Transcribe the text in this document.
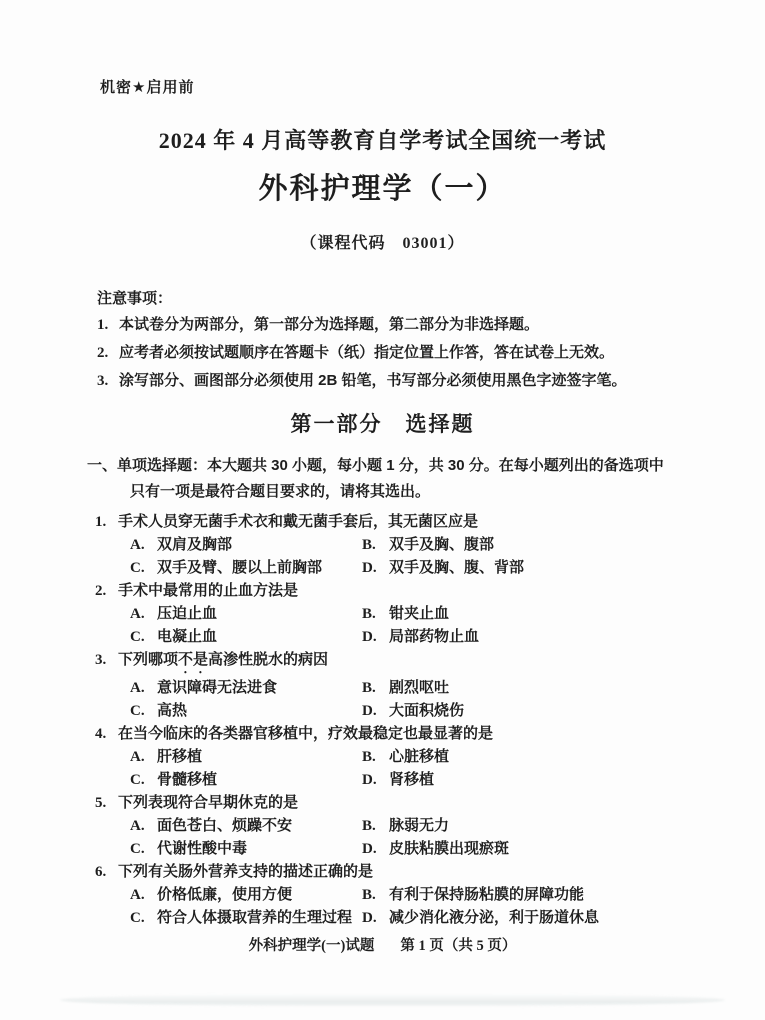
机密★启用前
2024 年 4 月高等教育自学考试全国统一考试
外科护理学（一）
（课程代码　03001）
注意事项：
1. 本试卷分为两部分，第一部分为选择题，第二部分为非选择题。
2. 应考者必须按试题顺序在答题卡（纸）指定位置上作答，答在试卷上无效。
3. 涂写部分、画图部分必须使用 2B 铅笔，书写部分必须使用黑色字迹签字笔。
第一部分　选择题
一、单项选择题：本大题共 30 小题，每小题 1 分，共 30 分。在每小题列出的备选项中
只有一项是最符合题目要求的，请将其选出。
1. 手术人员穿无菌手术衣和戴无菌手套后，其无菌区应是
A. 双肩及胸部	B. 双手及胸、腹部
C. 双手及臂、腰以上前胸部	D. 双手及胸、腹、背部
2. 手术中最常用的止血方法是
A. 压迫止血	B. 钳夹止血
C. 电凝止血	D. 局部药物止血
3. 下列哪项不是高渗性脱水的病因
A. 意识障碍无法进食	B. 剧烈呕吐
C. 高热	D. 大面积烧伤
4. 在当今临床的各类器官移植中，疗效最稳定也最显著的是
A. 肝移植	B. 心脏移植
C. 骨髓移植	D. 肾移植
5. 下列表现符合早期休克的是
A. 面色苍白、烦躁不安	B. 脉弱无力
C. 代谢性酸中毒	D. 皮肤粘膜出现瘀斑
6. 下列有关肠外营养支持的描述正确的是
A. 价格低廉，使用方便	B. 有利于保持肠粘膜的屏障功能
C. 符合人体摄取营养的生理过程 D. 减少消化液分泌，利于肠道休息
外科护理学(一)试题 第 1 页（共 5 页）
